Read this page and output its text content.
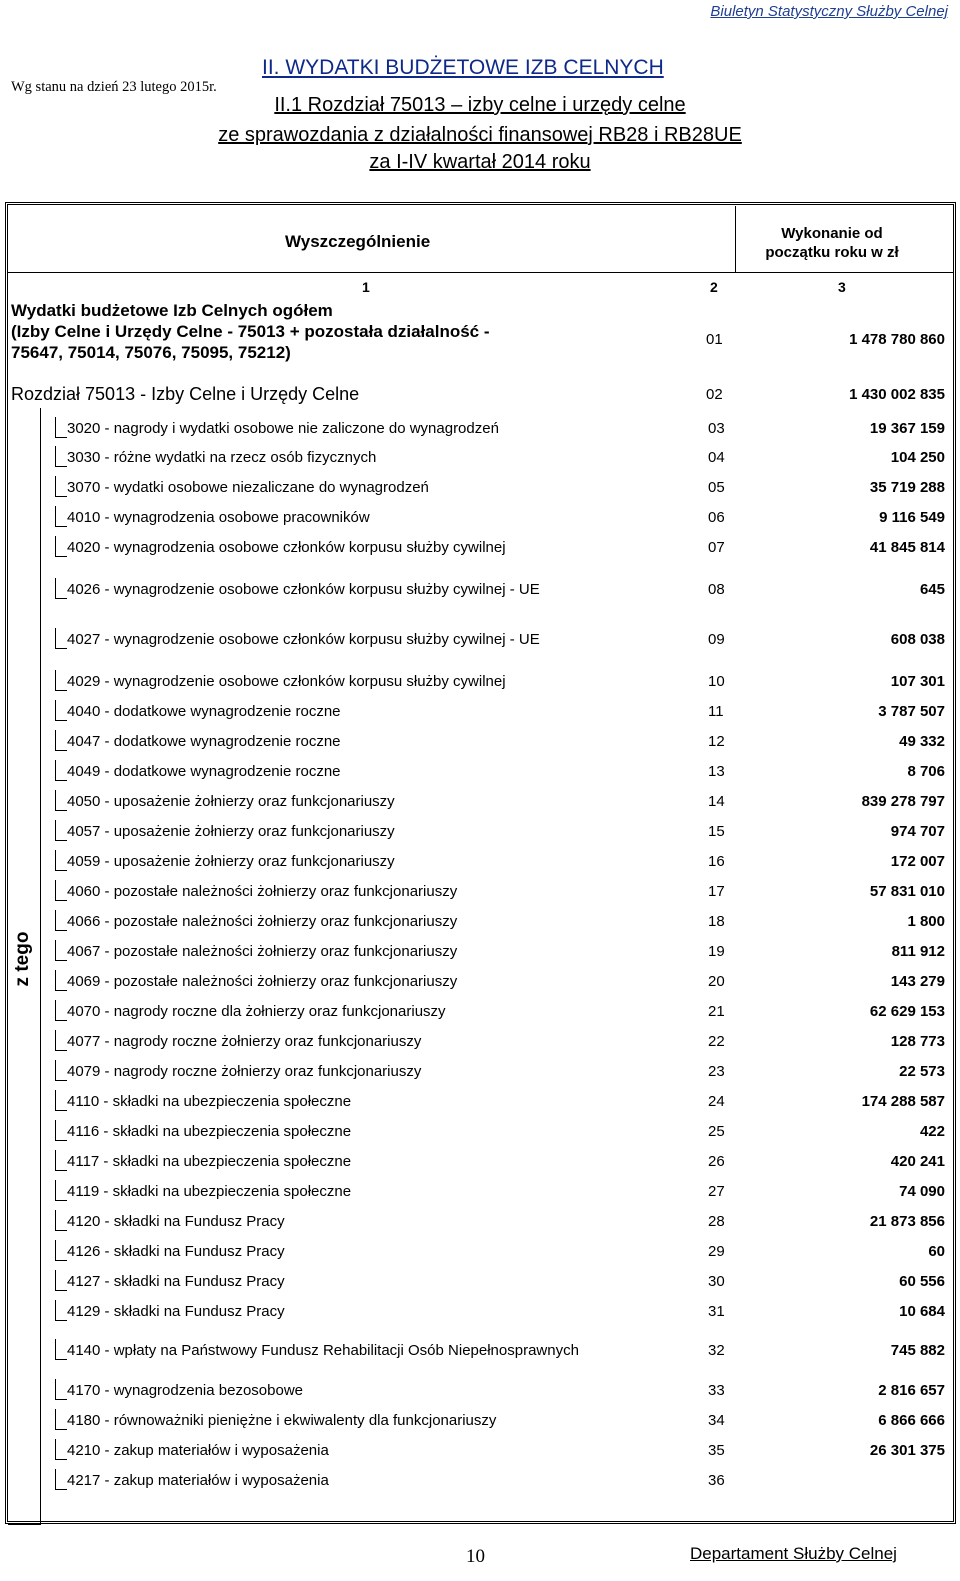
Biuletyn Statystyczny Służby Celnej
Wg stanu na dzień 23 lutego 2015r.
II. WYDATKI BUDŻETOWE IZB CELNYCH
II.1 Rozdział 75013 – izby celne i urzędy celne
ze sprawozdania z działalności finansowej RB28 i RB28UE
za I-IV kwartał 2014 roku
Wyszczególnienie	Wykonanie od początku roku w zł
1	2	3
Wydatki budżetowe Izb Celnych ogółem
(Izby Celne i Urzędy Celne - 75013 + pozostała działalność -
75647, 75014, 75076, 75095, 75212)
01	1 478 780 860
Rozdział 75013 - Izby Celne i Urzędy Celne	02	1 430 002 835
z tego
3020 - nagrody i wydatki osobowe nie zaliczone do wynagrodzeń	03	19 367 159
3030 - różne wydatki na rzecz osób fizycznych	04	104 250
3070 - wydatki osobowe niezaliczane do wynagrodzeń	05	35 719 288
4010 - wynagrodzenia osobowe pracowników	06	9 116 549
4020 - wynagrodzenia osobowe członków korpusu służby cywilnej	07	41 845 814
4026 - wynagrodzenie osobowe członków korpusu służby cywilnej - UE	08	645
4027 - wynagrodzenie osobowe członków korpusu służby cywilnej - UE	09	608 038
4029 - wynagrodzenie osobowe członków korpusu służby cywilnej	10	107 301
4040 - dodatkowe wynagrodzenie roczne	11	3 787 507
4047 - dodatkowe wynagrodzenie roczne	12	49 332
4049 - dodatkowe wynagrodzenie roczne	13	8 706
4050 - uposażenie żołnierzy oraz funkcjonariuszy	14	839 278 797
4057 - uposażenie żołnierzy oraz funkcjonariuszy	15	974 707
4059 - uposażenie żołnierzy oraz funkcjonariuszy	16	172 007
4060 - pozostałe należności żołnierzy oraz funkcjonariuszy	17	57 831 010
4066 - pozostałe należności żołnierzy oraz funkcjonariuszy	18	1 800
4067 - pozostałe należności żołnierzy oraz funkcjonariuszy	19	811 912
4069 - pozostałe należności żołnierzy oraz funkcjonariuszy	20	143 279
4070 - nagrody roczne dla żołnierzy oraz funkcjonariuszy	21	62 629 153
4077 - nagrody roczne żołnierzy oraz funkcjonariuszy	22	128 773
4079 - nagrody roczne żołnierzy oraz funkcjonariuszy	23	22 573
4110 - składki na ubezpieczenia społeczne	24	174 288 587
4116 - składki na ubezpieczenia społeczne	25	422
4117 - składki na ubezpieczenia społeczne	26	420 241
4119 - składki na ubezpieczenia społeczne	27	74 090
4120 - składki na Fundusz Pracy	28	21 873 856
4126 - składki na Fundusz Pracy	29	60
4127 - składki na Fundusz Pracy	30	60 556
4129 - składki na Fundusz Pracy	31	10 684
4140 - wpłaty na Państwowy Fundusz Rehabilitacji Osób Niepełnosprawnych	32	745 882
4170 - wynagrodzenia bezosobowe	33	2 816 657
4180 - równoważniki pieniężne i ekwiwalenty dla funkcjonariuszy	34	6 866 666
4210 - zakup materiałów i wyposażenia	35	26 301 375
4217 - zakup materiałów i wyposażenia	36
10	Departament Służby Celnej
